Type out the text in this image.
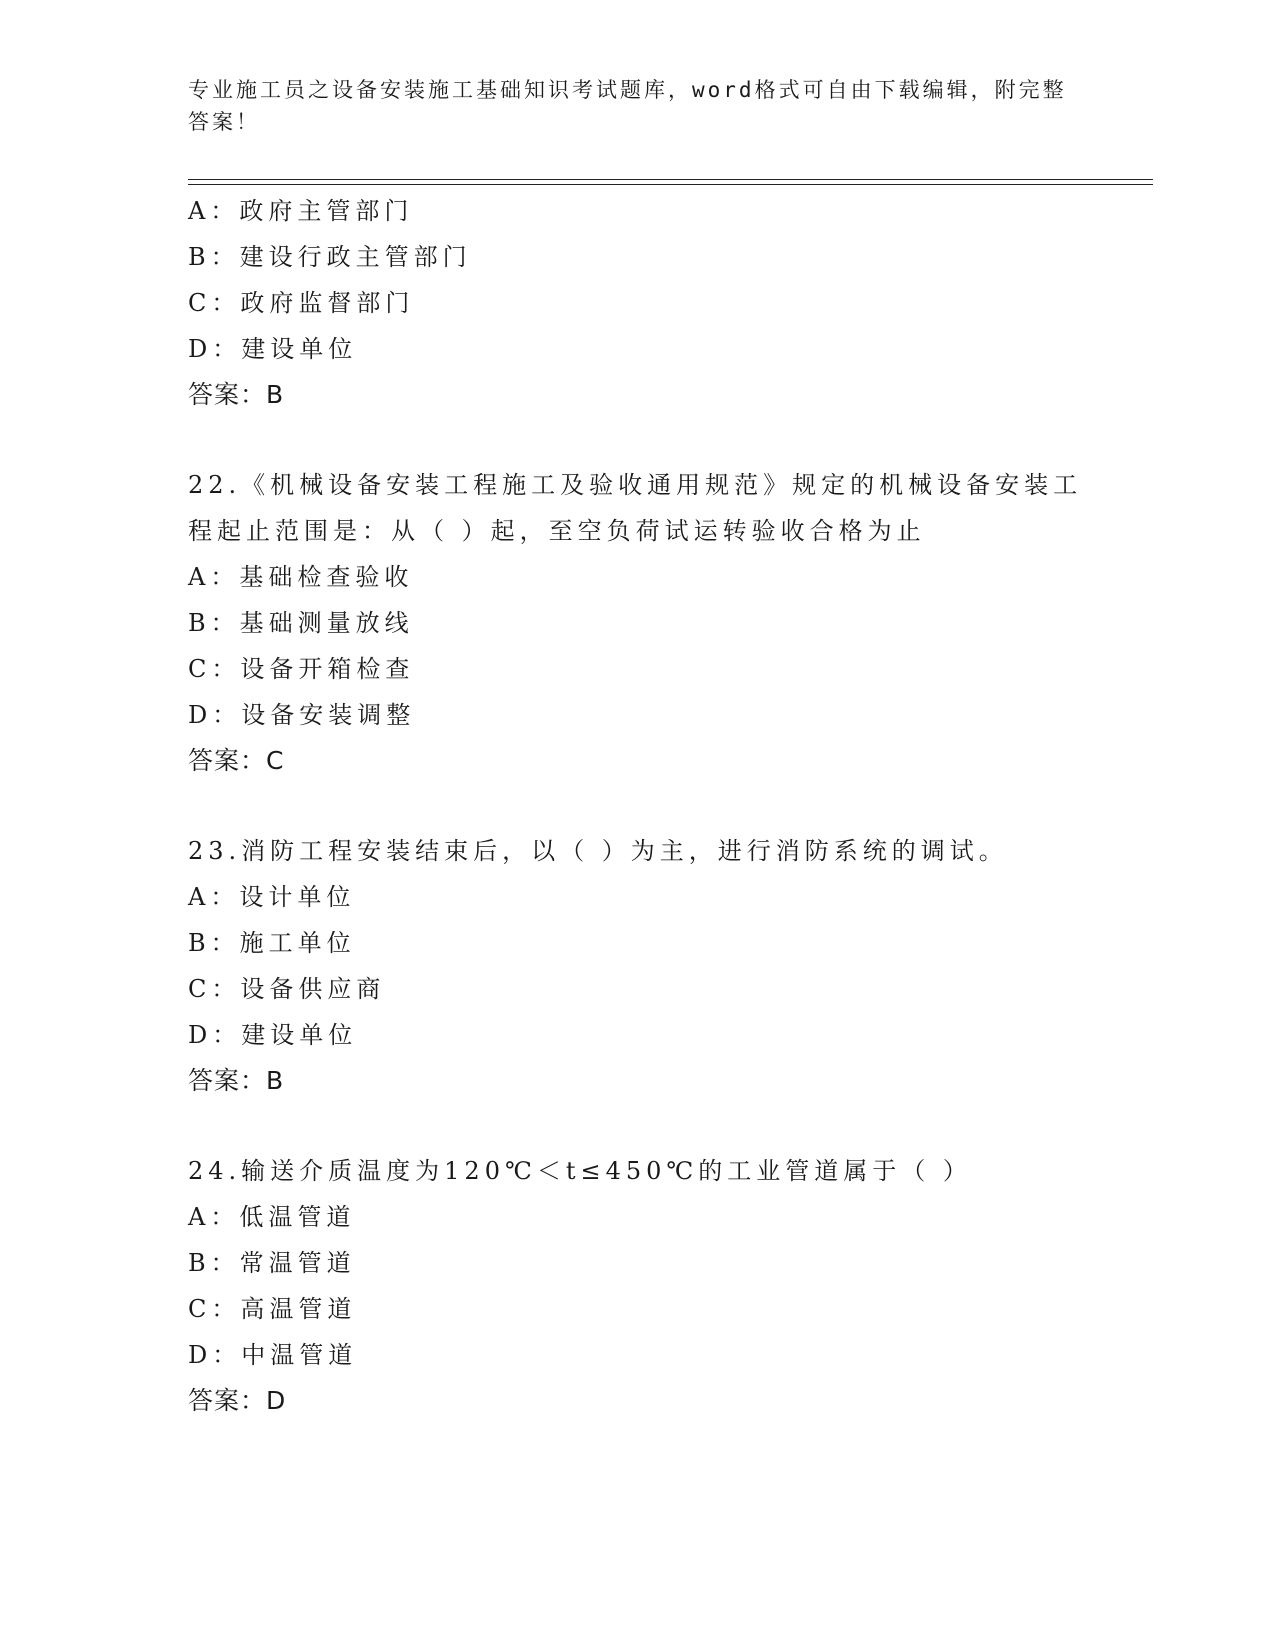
专业施工员之设备安装施工基础知识考试题库，word格式可自由下载编辑，附完整答案！
A：政府主管部门
B：建设行政主管部门
C：政府监督部门
D：建设单位
答案：B
22.《机械设备安装工程施工及验收通用规范》规定的机械设备安装工程起止范围是：从（ ）起，至空负荷试运转验收合格为止
A：基础检查验收
B：基础测量放线
C：设备开箱检查
D：设备安装调整
答案：C
23.消防工程安装结束后，以（ ）为主，进行消防系统的调试。
A：设计单位
B：施工单位
C：设备供应商
D：建设单位
答案：B
24.输送介质温度为120℃＜t≤450℃的工业管道属于（ ）
A：低温管道
B：常温管道
C：高温管道
D：中温管道
答案：D
